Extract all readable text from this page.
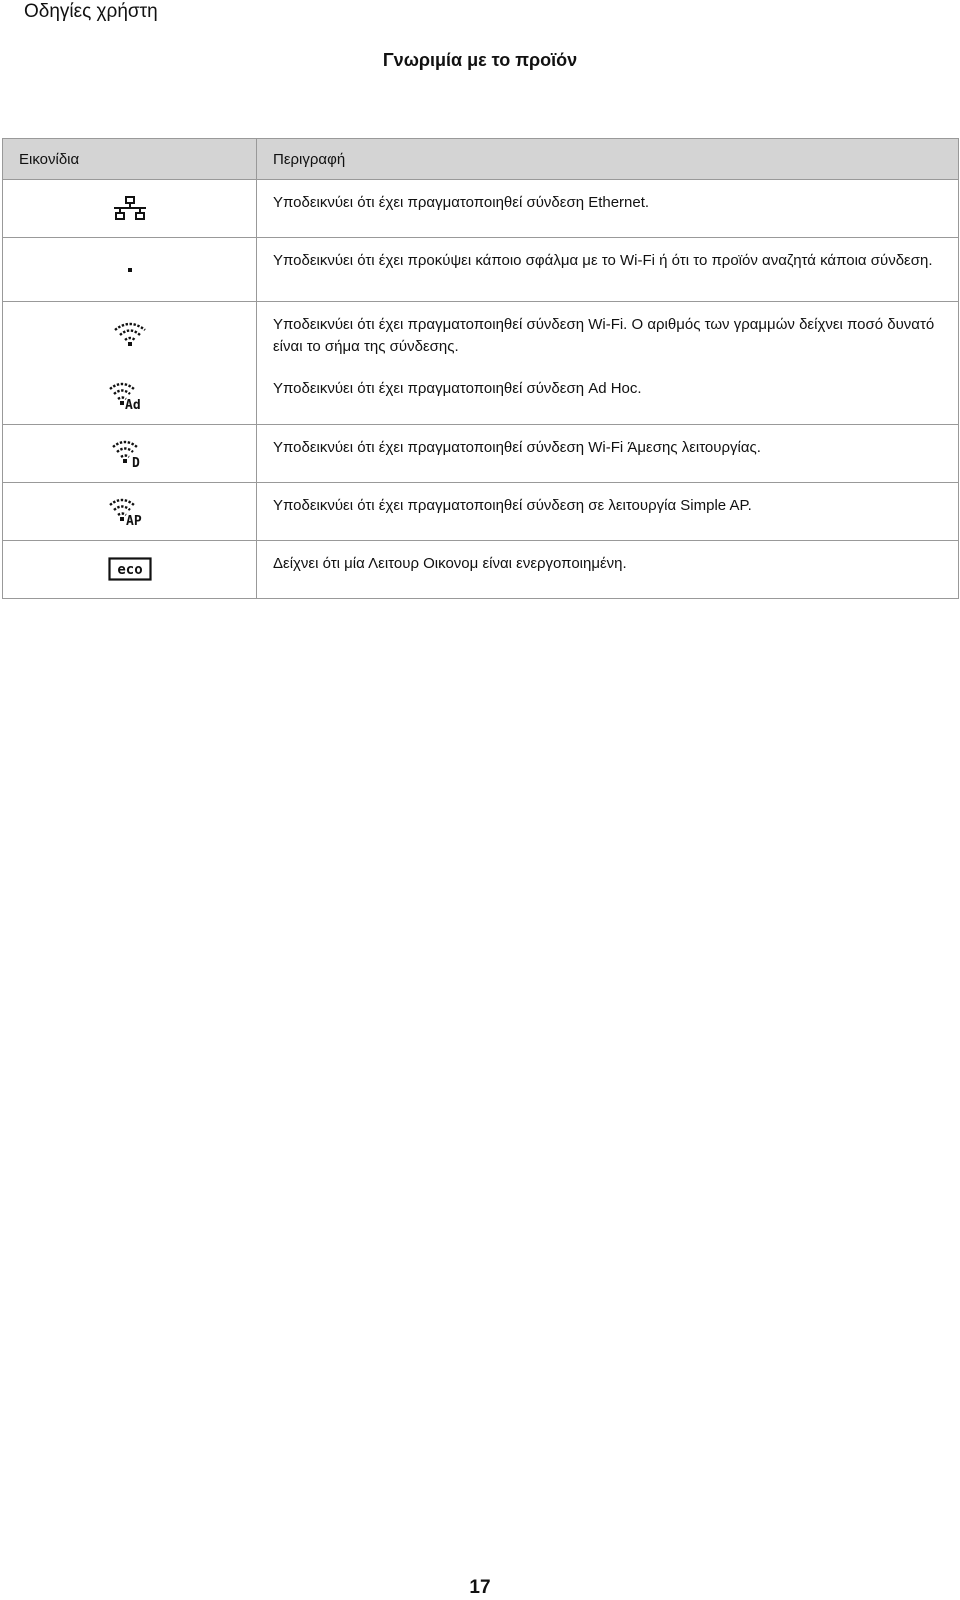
Οδηγίες χρήστη
Γνωριμία με το προϊόν
Εικονίδια	Περιγραφή
	Υποδεικνύει ότι έχει πραγματοποιηθεί σύνδεση Ethernet.
	Υποδεικνύει ότι έχει προκύψει κάποιο σφάλμα με το Wi-Fi ή ότι το προϊόν αναζητά κάποια σύνδεση.
	Υποδεικνύει ότι έχει πραγματοποιηθεί σύνδεση Wi-Fi. Ο αριθμός των γραμμών δείχνει ποσό δυνατό είναι το σήμα της σύνδεσης.

Ad	Υποδεικνύει ότι έχει πραγματοποιηθεί σύνδεση Ad Hoc.

D	Υποδεικνύει ότι έχει πραγματοποιηθεί σύνδεση Wi-Fi Άμεσης λειτουργίας.

AP	Υποδεικνύει ότι έχει πραγματοποιηθεί σύνδεση σε λειτουργία Simple AP.

eco	Δείχνει ότι μία Λειτουρ Οικονομ είναι ενεργοποιημένη.
17
